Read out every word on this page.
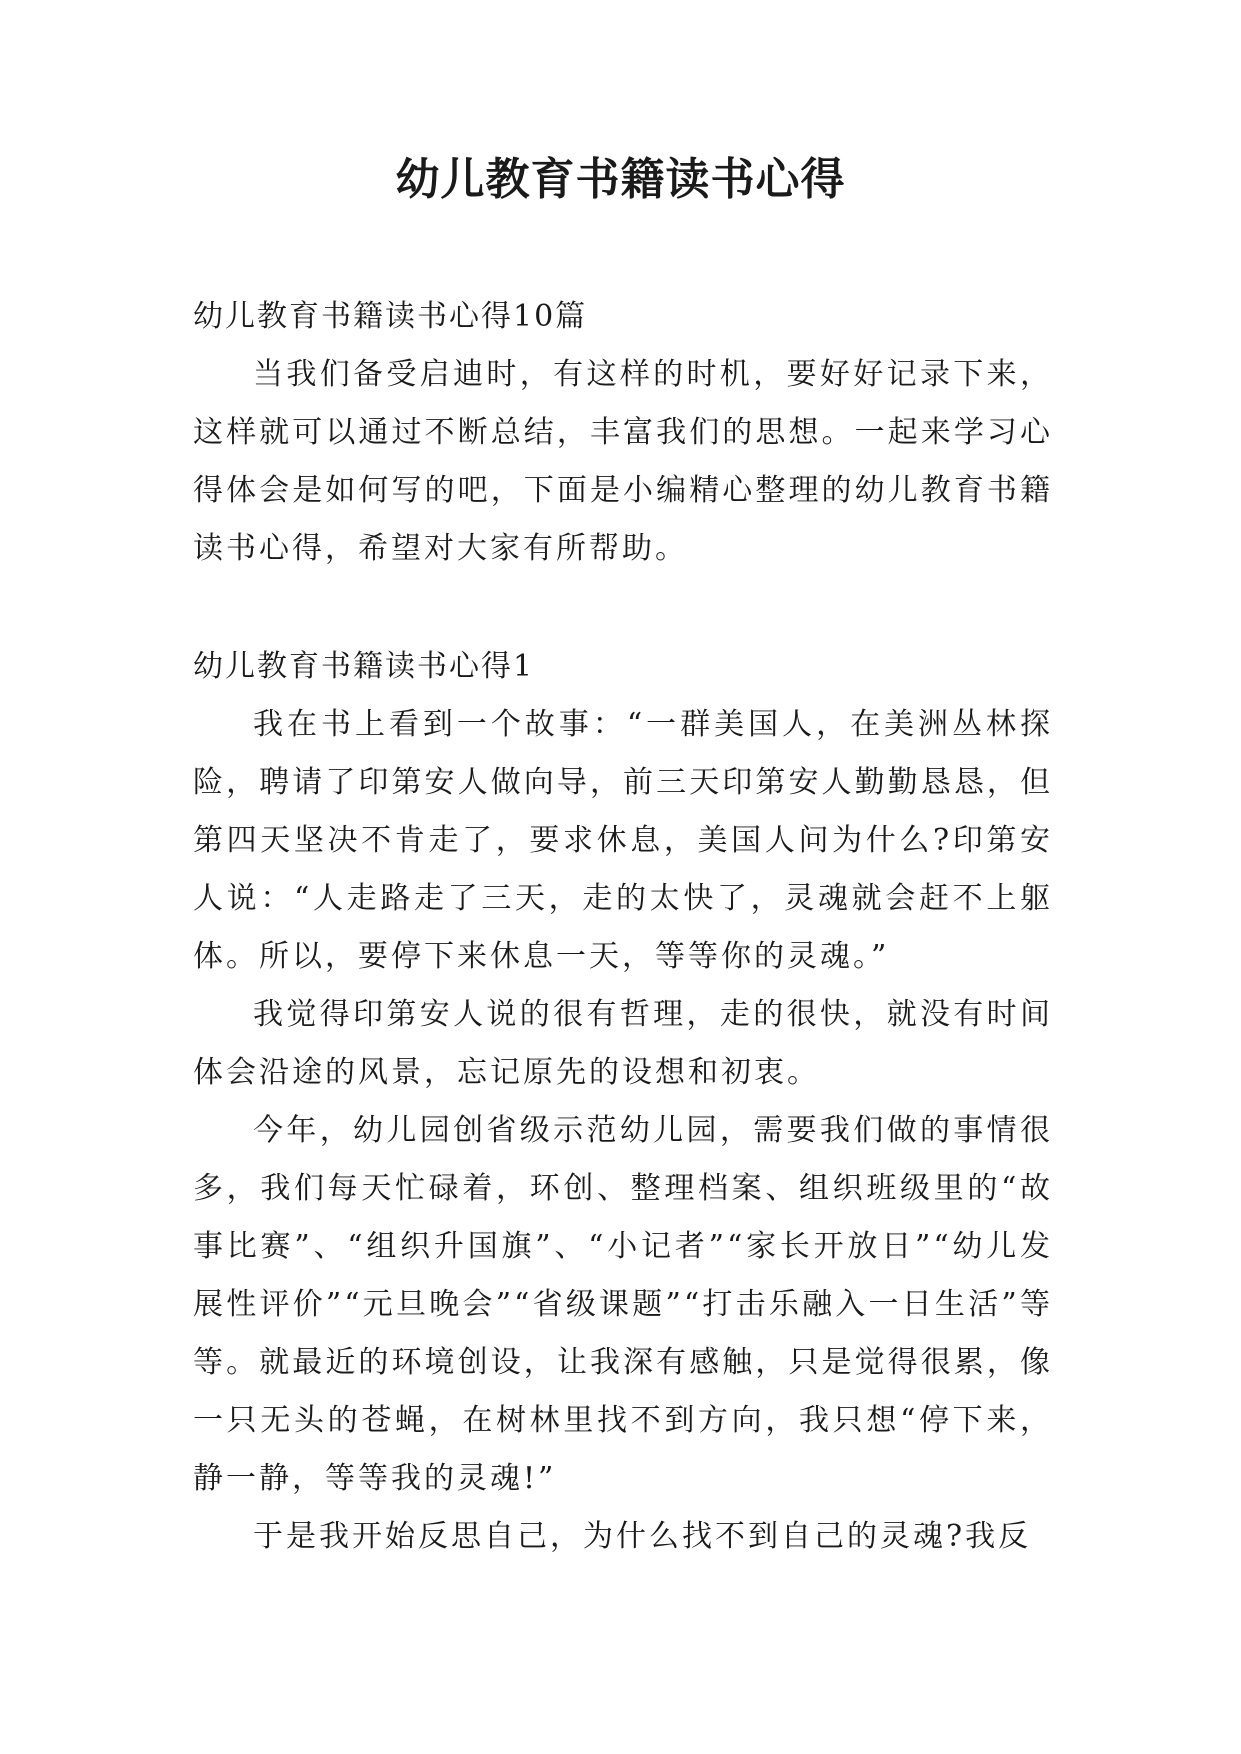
幼儿教育书籍读书心得

幼儿教育书籍读书心得10篇

当我们备受启迪时，有这样的时机，要好好记录下来，这样就可以通过不断总结，丰富我们的思想。一起来学习心得体会是如何写的吧，下面是小编精心整理的幼儿教育书籍读书心得，希望对大家有所帮助。

幼儿教育书籍读书心得1

我在书上看到一个故事：“一群美国人，在美洲丛林探险，聘请了印第安人做向导，前三天印第安人勤勤恳恳，但第四天坚决不肯走了，要求休息，美国人问为什么?印第安人说：“人走路走了三天，走的太快了，灵魂就会赶不上躯体。所以，要停下来休息一天，等等你的灵魂。”

我觉得印第安人说的很有哲理，走的很快，就没有时间体会沿途的风景，忘记原先的设想和初衷。

今年，幼儿园创省级示范幼儿园，需要我们做的事情很多，我们每天忙碌着，环创、整理档案、组织班级里的“故事比赛”、“组织升国旗”、“小记者”“家长开放日”“幼儿发展性评价”“元旦晚会”“省级课题”“打击乐融入一日生活”等等。就最近的环境创设，让我深有感触，只是觉得很累，像一只无头的苍蝇，在树林里找不到方向，我只想“停下来，静一静，等等我的灵魂!”

于是我开始反思自己，为什么找不到自己的灵魂?我反
